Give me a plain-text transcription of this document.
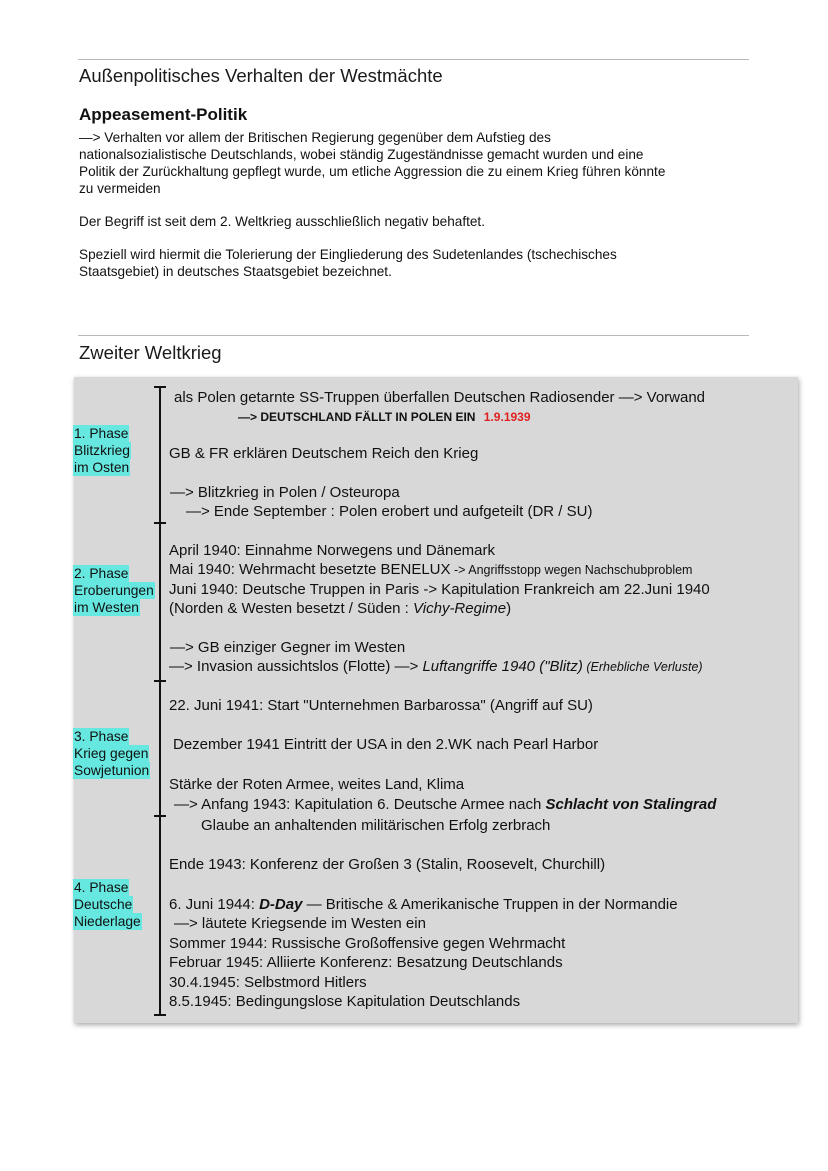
Außenpolitisches Verhalten der Westmächte
Appeasement-Politik
—> Verhalten vor allem der Britischen Regierung gegenüber dem Aufstieg des
nationalsozialistische Deutschlands, wobei ständig Zugeständnisse gemacht wurden und eine
Politik der Zurückhaltung gepflegt wurde, um etliche Aggression die zu einem Krieg führen könnte
zu vermeiden
Der Begriff ist seit dem 2. Weltkrieg ausschließlich negativ behaftet.
Speziell wird hiermit die Tolerierung der Eingliederung des Sudetenlandes (tschechisches
Staatsgebiet) in deutsches Staatsgebiet bezeichnet.
Zweiter Weltkrieg
1. Phase
Blitzkrieg
im Osten
2. Phase
Eroberungen
im Westen
3. Phase
Krieg gegen
Sowjetunion
4. Phase
Deutsche
Niederlage
als Polen getarnte SS-Truppen überfallen Deutschen Radiosender —> Vorwand
—> DEUTSCHLAND FÄLLT IN POLEN EIN 1.9.1939
GB & FR erklären Deutschem Reich den Krieg
—> Blitzkrieg in Polen / Osteuropa
—> Ende September : Polen erobert und aufgeteilt (DR / SU)
April 1940: Einnahme Norwegens und Dänemark
Mai 1940: Wehrmacht besetzte BENELUX -> Angriffsstopp wegen Nachschubproblem
Juni 1940: Deutsche Truppen in Paris -> Kapitulation Frankreich am 22.Juni 1940
(Norden & Westen besetzt / Süden : Vichy-Regime)
—> GB einziger Gegner im Westen
—> Invasion aussichtslos (Flotte) —> Luftangriffe 1940 ("Blitz) (Erhebliche Verluste)
22. Juni 1941: Start "Unternehmen Barbarossa" (Angriff auf SU)
Dezember 1941 Eintritt der USA in den 2.WK nach Pearl Harbor
Stärke der Roten Armee, weites Land, Klima
—> Anfang 1943: Kapitulation 6. Deutsche Armee nach Schlacht von Stalingrad
Glaube an anhaltenden militärischen Erfolg zerbrach
Ende 1943: Konferenz der Großen 3 (Stalin, Roosevelt, Churchill)
6. Juni 1944: D-Day — Britische & Amerikanische Truppen in der Normandie
—> läutete Kriegsende im Westen ein
Sommer 1944: Russische Großoffensive gegen Wehrmacht
Februar 1945: Alliierte Konferenz: Besatzung Deutschlands
30.4.1945: Selbstmord Hitlers
8.5.1945: Bedingungslose Kapitulation Deutschlands
